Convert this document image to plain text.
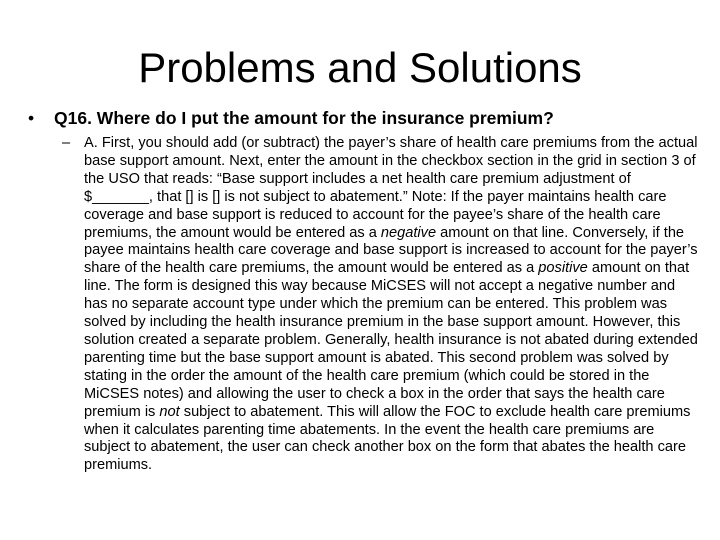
Problems and Solutions
•	Q16. Where do I put the amount for the insurance premium?
– A. First, you should add (or subtract) the payer’s share of health care premiums from the actual base support amount. Next, enter the amount in the checkbox section in the grid in section 3 of the USO that reads: “Base support includes a net health care premium adjustment of $_______, that [] is [] is not subject to abatement.” Note: If the payer maintains health care coverage and base support is reduced to account for the payee’s share of the health care premiums, the amount would be entered as a negative amount on that line. Conversely, if the payee maintains health care coverage and base support is increased to account for the payer’s share of the health care premiums, the amount would be entered as a positive amount on that line. The form is designed this way because MiCSES will not accept a negative number and has no separate account type under which the premium can be entered. This problem was solved by including the health insurance premium in the base support amount. However, this solution created a separate problem. Generally, health insurance is not abated during extended parenting time but the base support amount is abated. This second problem was solved by stating in the order the amount of the health care premium (which could be stored in the MiCSES notes) and allowing the user to check a box in the order that says the health care premium is not subject to abatement. This will allow the FOC to exclude health care premiums when it calculates parenting time abatements. In the event the health care premiums are subject to abatement, the user can check another box on the form that abates the health care premiums.
